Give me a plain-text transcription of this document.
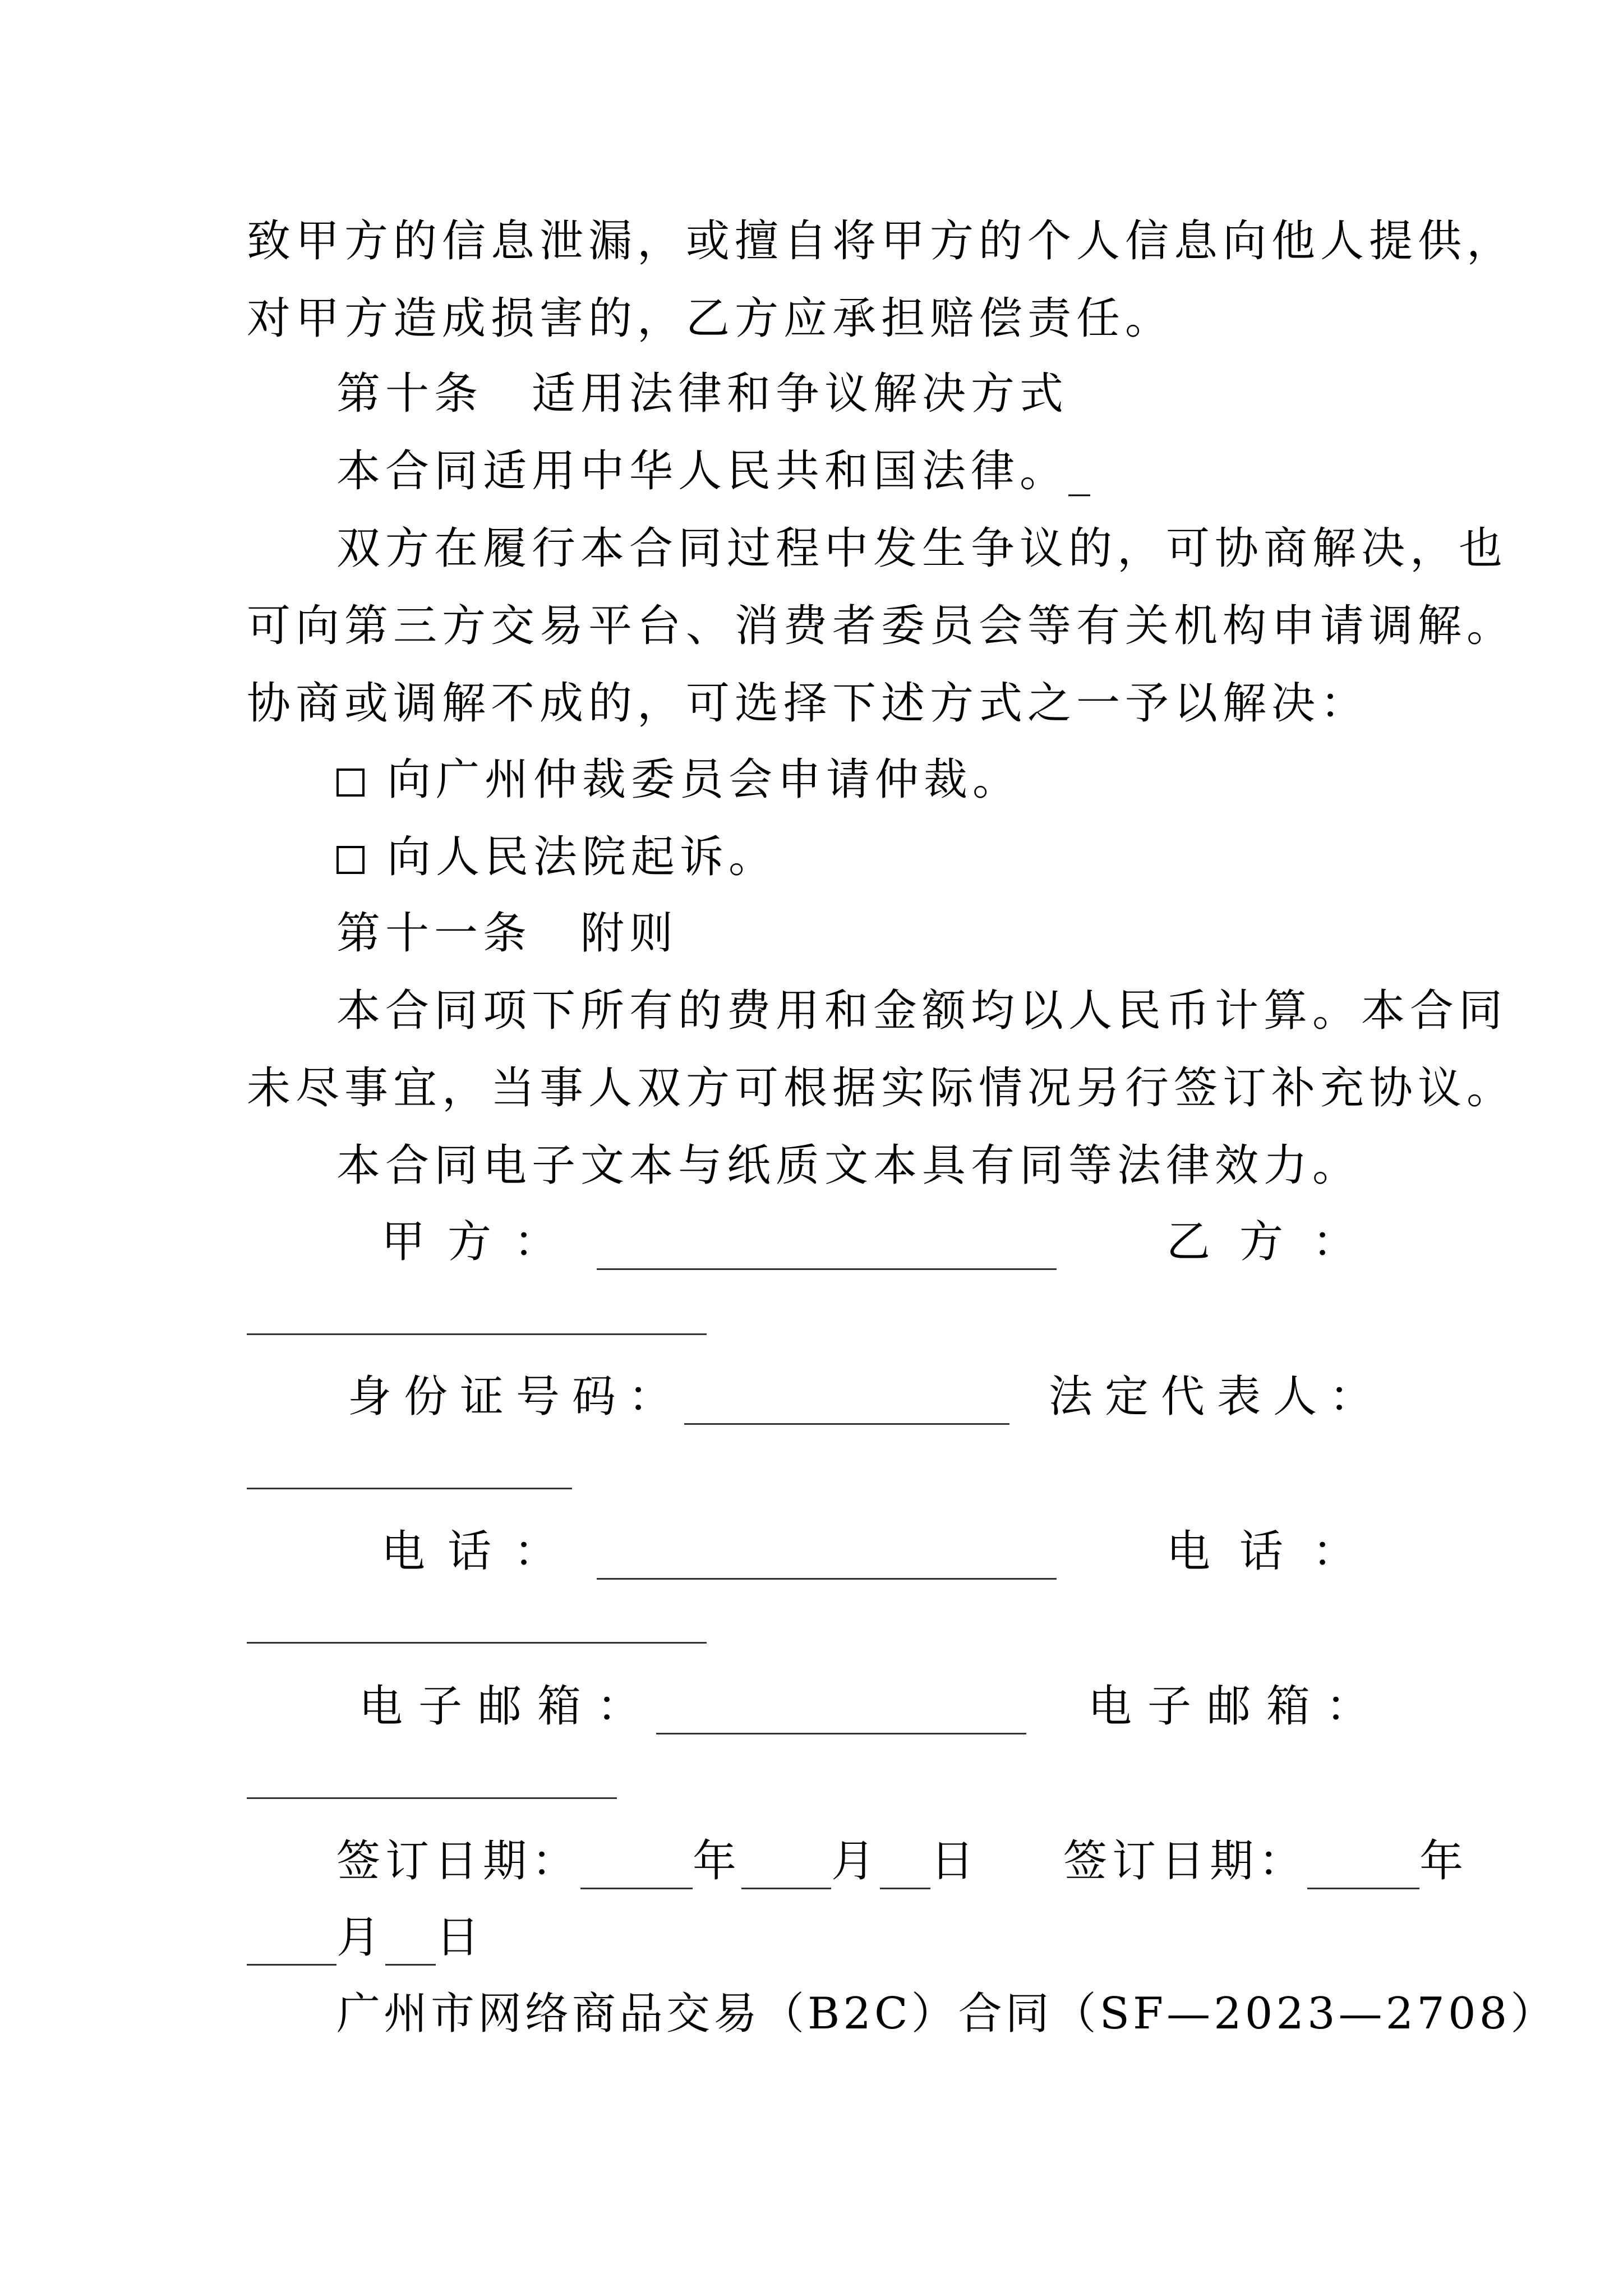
致甲方的信息泄漏，或擅自将甲方的个人信息向他人提供，
对甲方造成损害的，乙方应承担赔偿责任。
第十条　适用法律和争议解决方式
本合同适用中华人民共和国法律。_
双方在履行本合同过程中发生争议的，可协商解决，也
可向第三方交易平台、消费者委员会等有关机构申请调解。
协商或调解不成的，可选择下述方式之一予以解决：
向广州仲裁委员会申请仲裁。
向人民法院起诉。
第十一条　附则
本合同项下所有的费用和金额均以人民币计算。本合同
未尽事宜，当事人双方可根据实际情况另行签订补充协议。
本合同电子文本与纸质文本具有同等法律效力。
甲方：	乙方：
身份证号码：	法定代表人：
电话：	电话：
电子邮箱：	电子邮箱：
签订日期：	年 月 日 签订日期：	年
月 日
广州市网络商品交易（B2C）合同（SF—2023—2708）
